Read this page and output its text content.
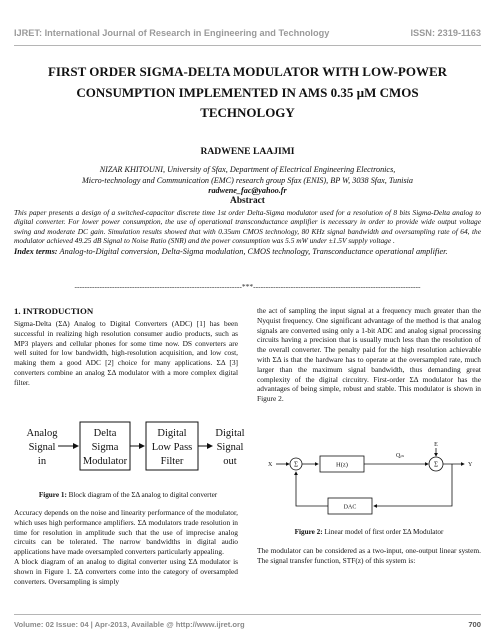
IJRET: International Journal of Research in Engineering and Technology	ISSN: 2319-1163
FIRST ORDER SIGMA-DELTA MODULATOR WITH LOW-POWER
CONSUMPTION IMPLEMENTED IN AMS 0.35 µM CMOS
TECHNOLOGY
RADWENE LAAJIMI
NIZAR KHITOUNI, University of Sfax, Department of Electrical Engineering Electronics,
Micro-technology and Communication (EMC) research group Sfax (ENIS), BP W, 3038 Sfax, Tunisia
radwene_fac@yahoo.fr
Abstract
This paper presents a design of a switched-capacitor discrete time 1st order Delta-Sigma modulator used for a resolution of 8 bits Sigma-Delta analog to digital converter. For lower power consumption, the use of operational transconductance amplifier is necessary in order to provide wide output voltage swing and moderate DC gain. Simulation results showed that with 0.35um CMOS technology, 80 KHz signal bandwidth and oversampling rate of 64, the modulator achieved 49.25 dB Signal to Noise Ratio (SNR) and the power consumption was 5.5 mW under ±1.5V supply voltage .
Index terms: Analog-to-Digital conversion, Delta-Sigma modulation, CMOS technology, Transconductance operational amplifier.
-------------------------------------------------------------------***-------------------------------------------------------------------
1. INTRODUCTION

Sigma-Delta (ΣΔ) Analog to Digital Converters (ADC) [1] has been successful in realizing high resolution consumer audio products, such as MP3 players and cellular phones for some time now. DS converters are well suited for low bandwidth, high-resolution acquisition, and low cost, making them a good ADC [2] choice for many applications. ΣΔ [3] converters combine an analog ΣΔ modulator with a more complex digital filter.

Analog
Signal
in
Delta
Sigma
Modulator
Digital
Low Pass
Filter
Digital
Signal
out
Figure 1: Block diagram of the ΣΔ analog to digital converter

Accuracy depends on the noise and linearity performance of the modulator, which uses high performance amplifiers. ΣΔ modulators trade resolution in time for resolution in amplitude such that the use of imprecise analog circuits can be tolerated. The narrow bandwidths in digital audio applications have made oversampled converters particularly appealing.

A block diagram of an analog to digital converter using ΣΔ modulator is shown in Figure 1. ΣΔ converters come into the category of oversampled converters. Oversampling is simply

the act of sampling the input signal at a frequency much greater than the Nyquist frequency. One significant advantage of the method is that analog signals are converted using only a 1-bit ADC and analog signal processing circuits having a precision that is usually much less than the resolution of the overall converter. The penalty paid for the high resolution achievable with ΣΔ is that the hardware has to operate at the oversampled rate, much larger than the maximum signal bandwidth, thus demanding great complexity of the digital circuitry. First-order ΣΔ modulator has the advantages of being simple, robust and stable. This modulator is shown in Figure 2.

X
E
Qᵢₙ
Y
Σ	H(z)	Σ
DAC
Figure 2: Linear model of first order ΣΔ Modulator

The modulator can be considered as a two-input, one-output linear system. The signal transfer function, STF(z) of this system is:

Volume: 02 Issue: 04 | Apr-2013, Available @ http://www.ijret.org	700
